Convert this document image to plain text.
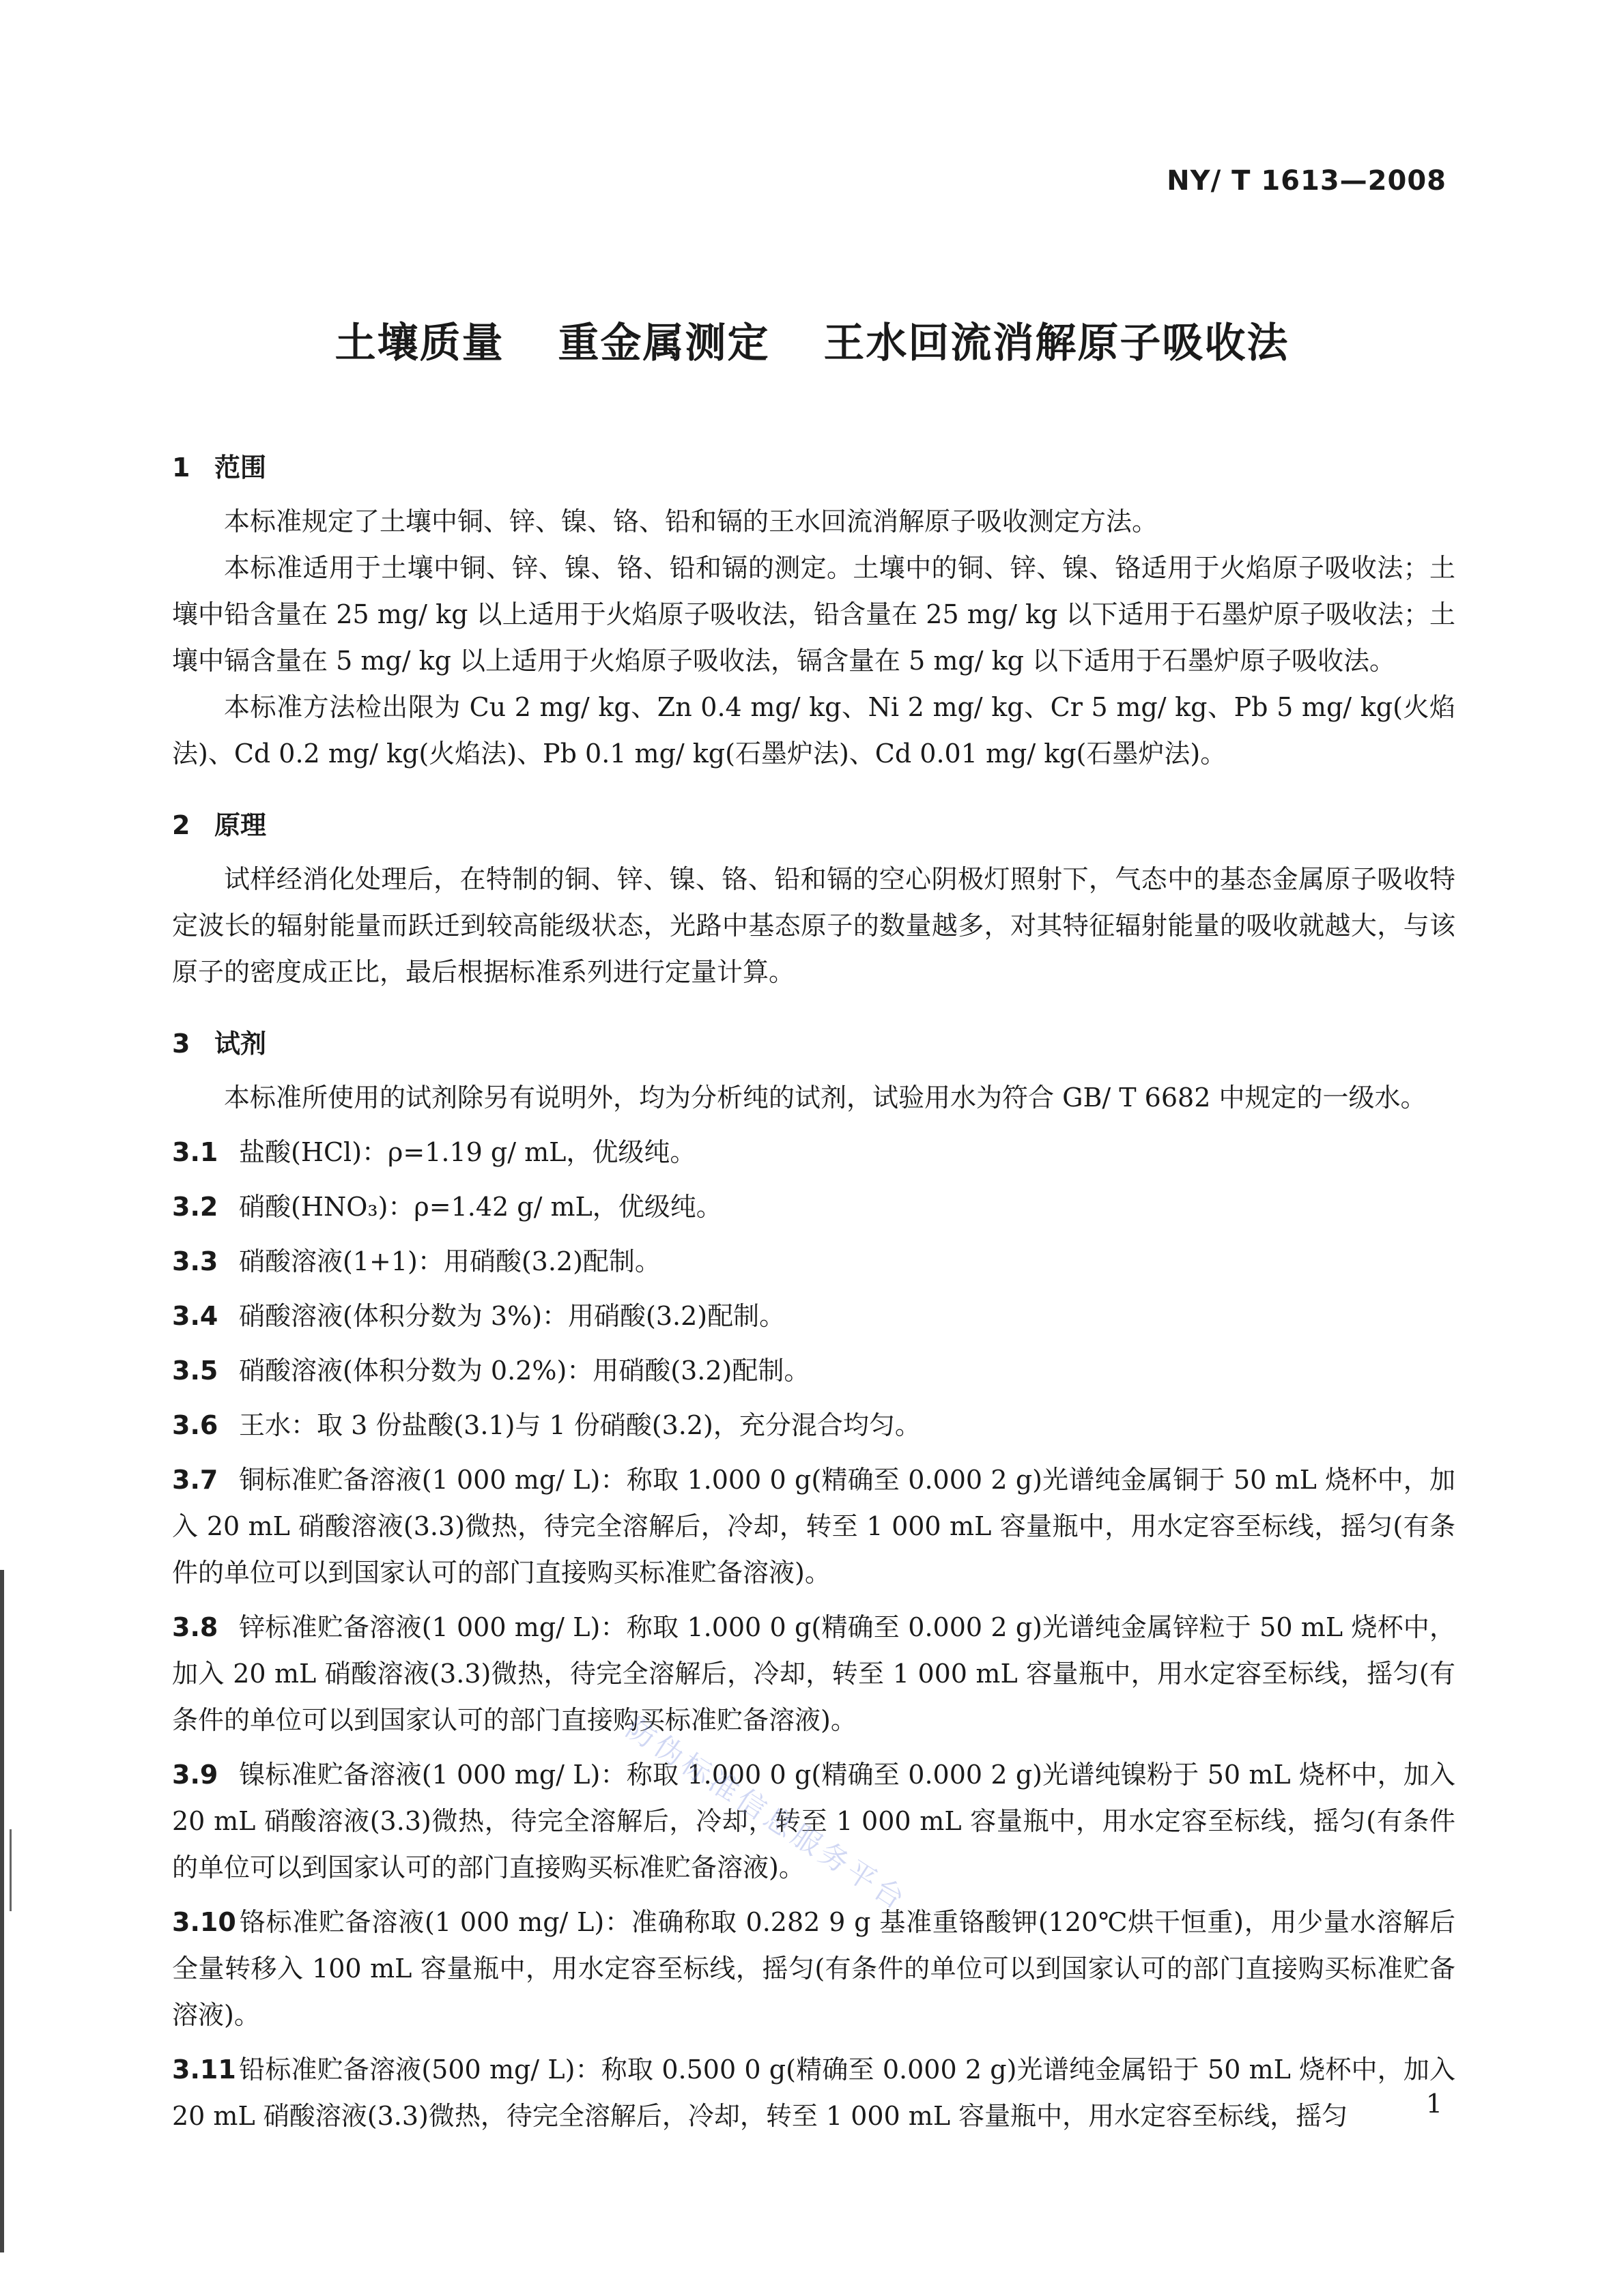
NY/ T 1613—2008
土壤质量 重金属测定 王水回流消解原子吸收法
1 范围

本标准规定了土壤中铜、锌、镍、铬、铅和镉的王水回流消解原子吸收测定方法。

本标准适用于土壤中铜、锌、镍、铬、铅和镉的测定。土壤中的铜、锌、镍、铬适用于火焰原子吸收法；土壤中铅含量在 25 mg/ kg 以上适用于火焰原子吸收法，铅含量在 25 mg/ kg 以下适用于石墨炉原子吸收法；土壤中镉含量在 5 mg/ kg 以上适用于火焰原子吸收法，镉含量在 5 mg/ kg 以下适用于石墨炉原子吸收法。

本标准方法检出限为 Cu 2 mg/ kg、Zn 0.4 mg/ kg、Ni 2 mg/ kg、Cr 5 mg/ kg、Pb 5 mg/ kg(火焰法)、Cd 0.2 mg/ kg(火焰法)、Pb 0.1 mg/ kg(石墨炉法)、Cd 0.01 mg/ kg(石墨炉法)。

2 原理

试样经消化处理后，在特制的铜、锌、镍、铬、铅和镉的空心阴极灯照射下，气态中的基态金属原子吸收特定波长的辐射能量而跃迁到较高能级状态，光路中基态原子的数量越多，对其特征辐射能量的吸收就越大，与该原子的密度成正比，最后根据标准系列进行定量计算。

3 试剂

本标准所使用的试剂除另有说明外，均为分析纯的试剂，试验用水为符合 GB/ T 6682 中规定的一级水。

3.1 盐酸(HCl)：ρ=1.19 g/ mL，优级纯。

3.2 硝酸(HNO₃)：ρ=1.42 g/ mL，优级纯。

3.3 硝酸溶液(1+1)：用硝酸(3.2)配制。

3.4 硝酸溶液(体积分数为 3%)：用硝酸(3.2)配制。

3.5 硝酸溶液(体积分数为 0.2%)：用硝酸(3.2)配制。

3.6 王水：取 3 份盐酸(3.1)与 1 份硝酸(3.2)，充分混合均匀。

3.7 铜标准贮备溶液(1 000 mg/ L)：称取 1.000 0 g(精确至 0.000 2 g)光谱纯金属铜于 50 mL 烧杯中，加入 20 mL 硝酸溶液(3.3)微热，待完全溶解后，冷却，转至 1 000 mL 容量瓶中，用水定容至标线，摇匀(有条件的单位可以到国家认可的部门直接购买标准贮备溶液)。

3.8 锌标准贮备溶液(1 000 mg/ L)：称取 1.000 0 g(精确至 0.000 2 g)光谱纯金属锌粒于 50 mL 烧杯中，加入 20 mL 硝酸溶液(3.3)微热，待完全溶解后，冷却，转至 1 000 mL 容量瓶中，用水定容至标线，摇匀(有条件的单位可以到国家认可的部门直接购买标准贮备溶液)。

3.9 镍标准贮备溶液(1 000 mg/ L)：称取 1.000 0 g(精确至 0.000 2 g)光谱纯镍粉于 50 mL 烧杯中，加入 20 mL 硝酸溶液(3.3)微热，待完全溶解后，冷却，转至 1 000 mL 容量瓶中，用水定容至标线，摇匀(有条件的单位可以到国家认可的部门直接购买标准贮备溶液)。

3.10 铬标准贮备溶液(1 000 mg/ L)：准确称取 0.282 9 g 基准重铬酸钾(120℃烘干恒重)，用少量水溶解后全量转移入 100 mL 容量瓶中，用水定容至标线，摇匀(有条件的单位可以到国家认可的部门直接购买标准贮备溶液)。

3.11 铅标准贮备溶液(500 mg/ L)：称取 0.500 0 g(精确至 0.000 2 g)光谱纯金属铅于 50 mL 烧杯中，加入 20 mL 硝酸溶液(3.3)微热，待完全溶解后，冷却，转至 1 000 mL 容量瓶中，用水定容至标线，摇匀

防伪标准信息服务平台
1
